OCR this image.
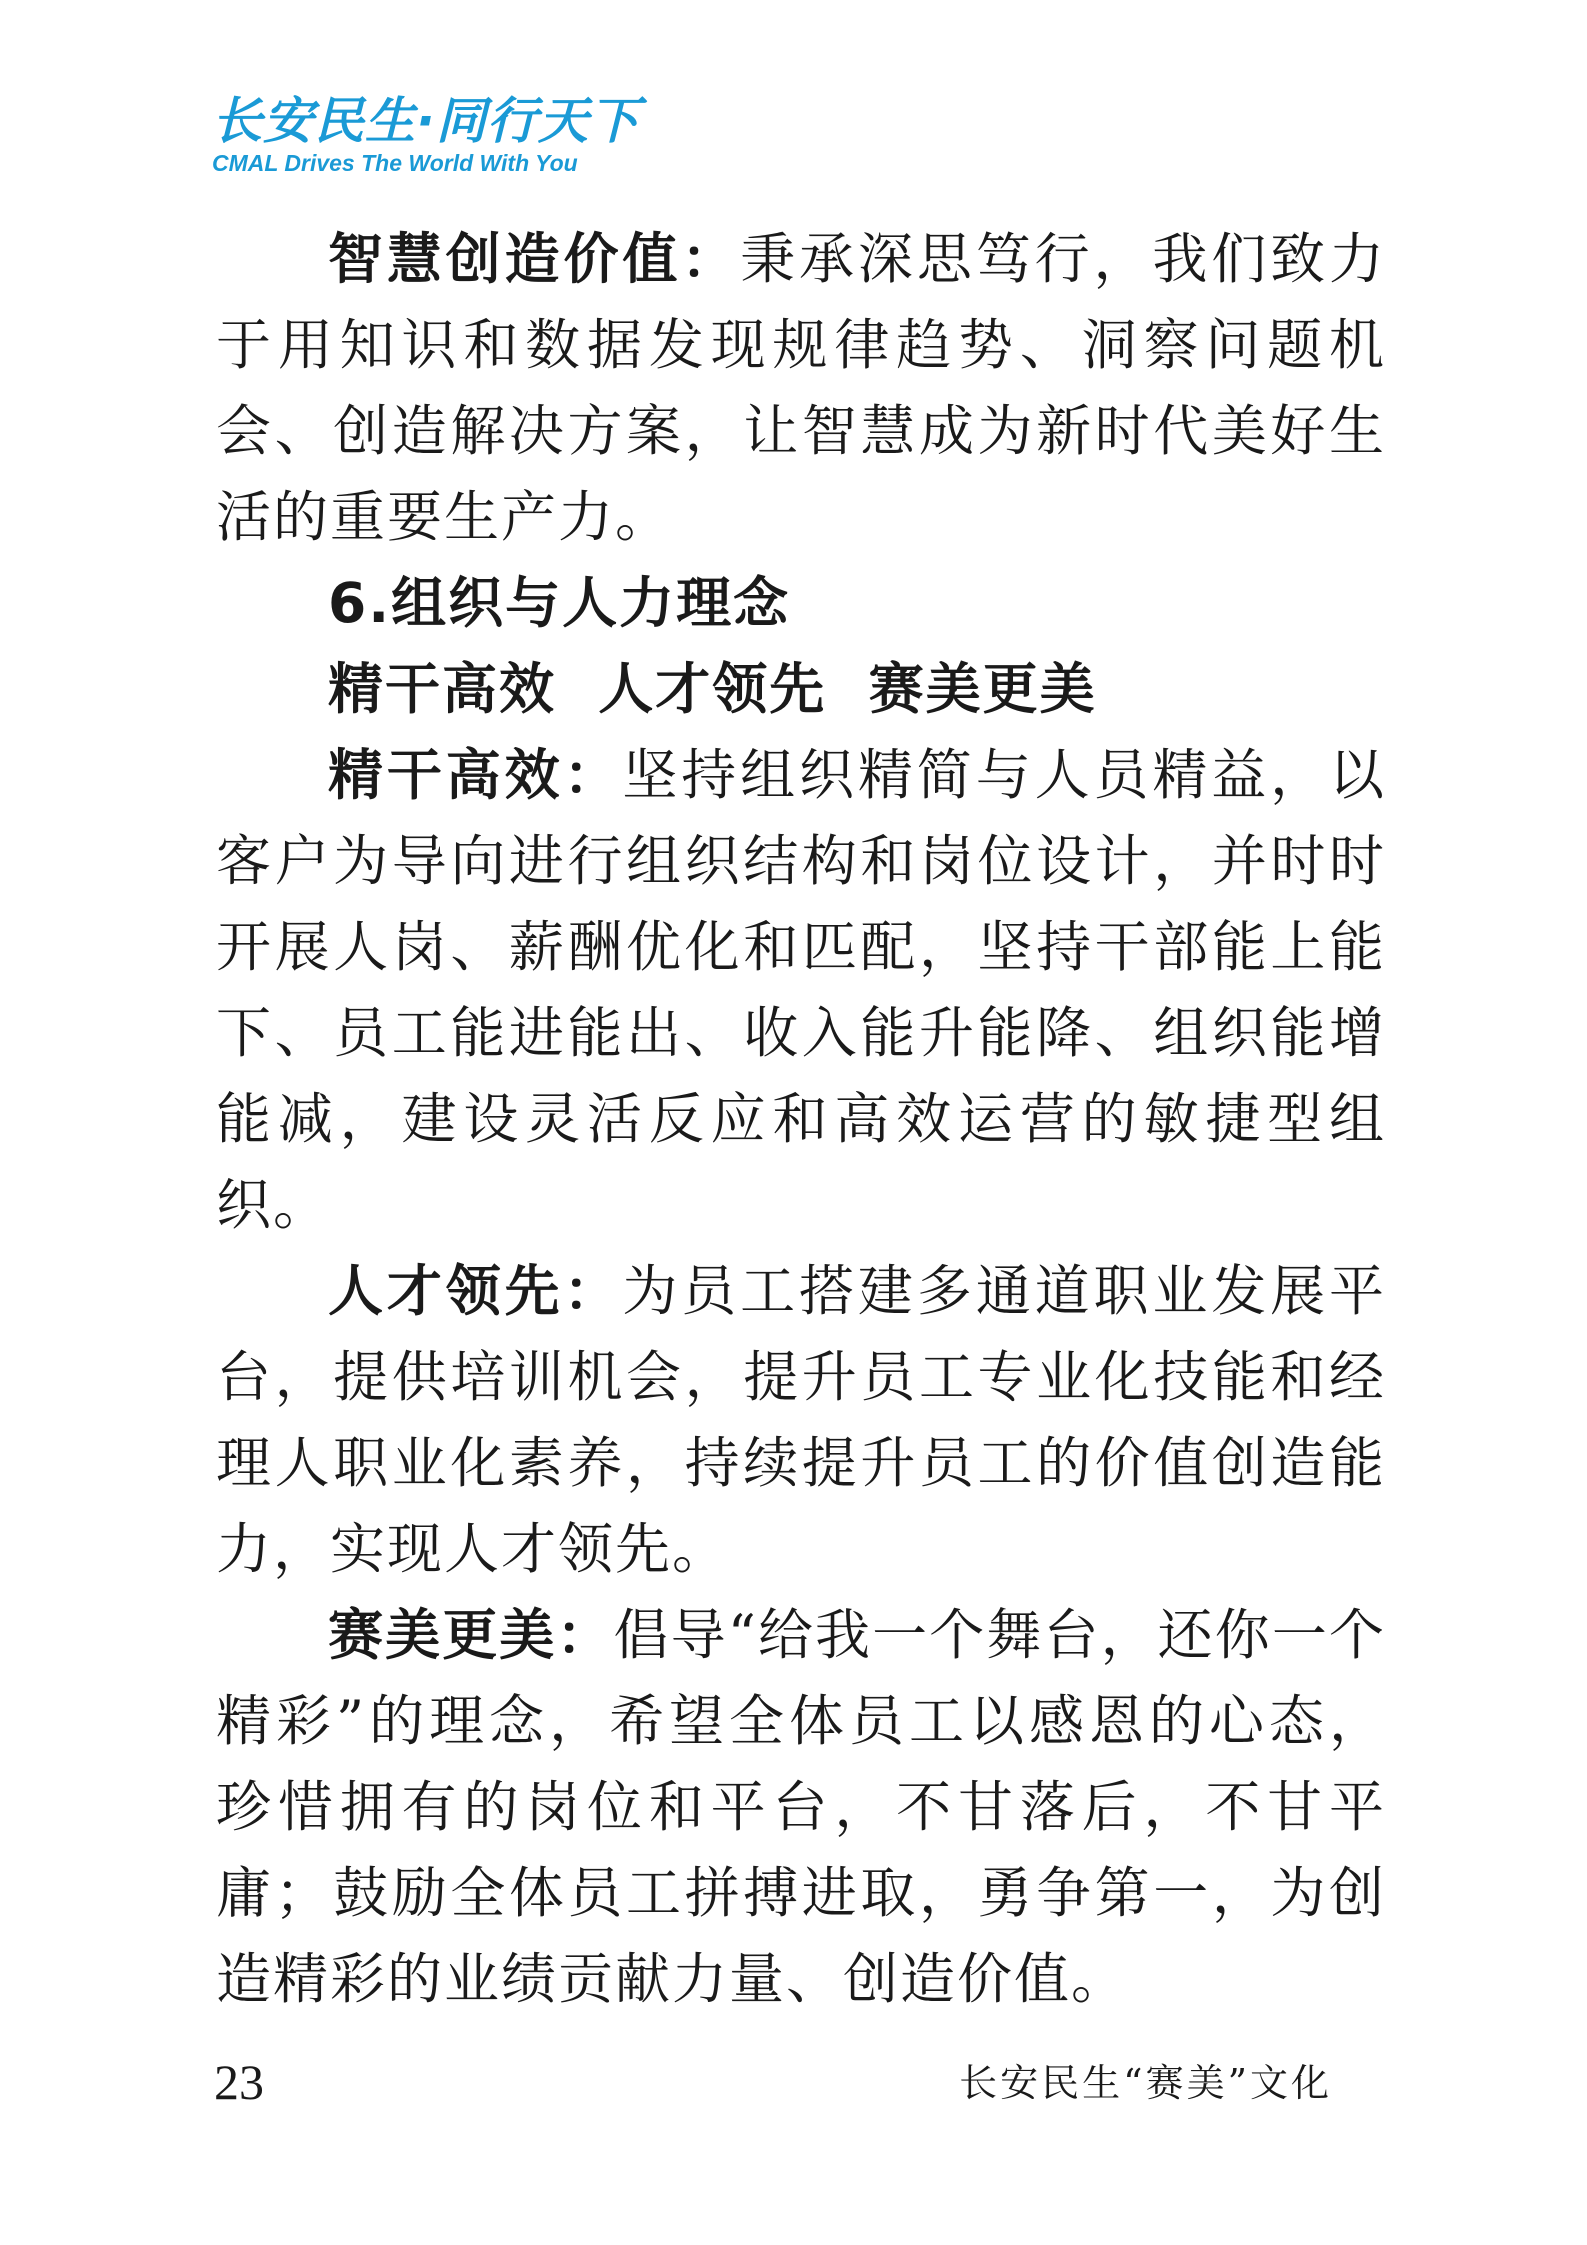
长安民生·同行天下
CMAL Drives The World With You

智慧创造价值：秉承深思笃行，我们致力于用知识和数据发现规律趋势、洞察问题机会、创造解决方案，让智慧成为新时代美好生活的重要生产力。

6.组织与人力理念

精干高效  人才领先  赛美更美

精干高效：坚持组织精简与人员精益，以客户为导向进行组织结构和岗位设计，并时时开展人岗、薪酬优化和匹配，坚持干部能上能下、员工能进能出、收入能升能降、组织能增能减，建设灵活反应和高效运营的敏捷型组织。

人才领先：为员工搭建多通道职业发展平台，提供培训机会，提升员工专业化技能和经理人职业化素养，持续提升员工的价值创造能力，实现人才领先。

赛美更美：倡导“给我一个舞台，还你一个精彩”的理念，希望全体员工以感恩的心态，珍惜拥有的岗位和平台，不甘落后，不甘平庸；鼓励全体员工拼搏进取，勇争第一，为创造精彩的业绩贡献力量、创造价值。

23	长安民生“赛美”文化
